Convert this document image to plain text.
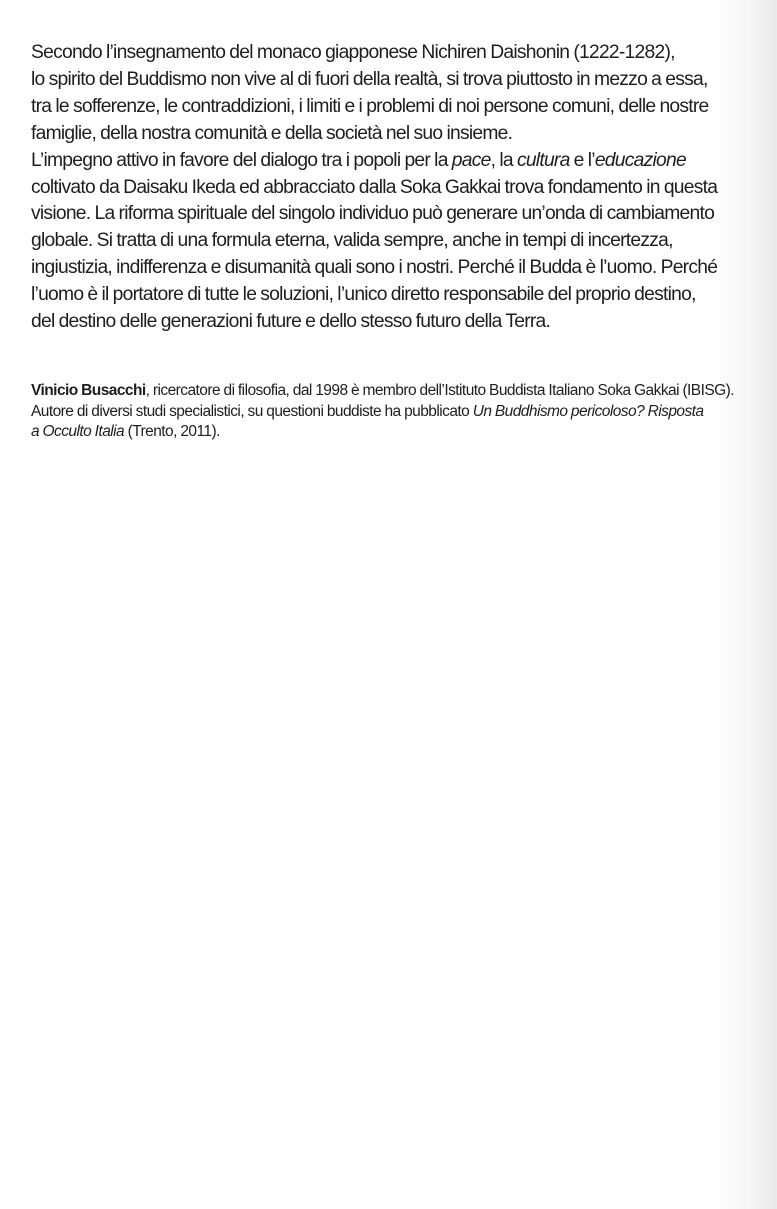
Secondo l’insegnamento del monaco giapponese Nichiren Daishonin (1222-1282),
lo spirito del Buddismo non vive al di fuori della realtà, si trova piuttosto in mezzo a essa,
tra le sofferenze, le contraddizioni, i limiti e i problemi di noi persone comuni, delle nostre
famiglie, della nostra comunità e della società nel suo insieme.
L’impegno attivo in favore del dialogo tra i popoli per la pace, la cultura e l’educazione
coltivato da Daisaku Ikeda ed abbracciato dalla Soka Gakkai trova fondamento in questa
visione. La riforma spirituale del singolo individuo può generare un’onda di cambiamento
globale. Si tratta di una formula eterna, valida sempre, anche in tempi di incertezza,
ingiustizia, indifferenza e disumanità quali sono i nostri. Perché il Budda è l’uomo. Perché
l’uomo è il portatore di tutte le soluzioni, l’unico diretto responsabile del proprio destino,
del destino delle generazioni future e dello stesso futuro della Terra.
Vinicio Busacchi, ricercatore di filosofia, dal 1998 è membro dell’Istituto Buddista Italiano Soka Gakkai (IBISG).
Autore di diversi studi specialistici, su questioni buddiste ha pubblicato Un Buddhismo pericoloso? Risposta
a Occulto Italia (Trento, 2011).
